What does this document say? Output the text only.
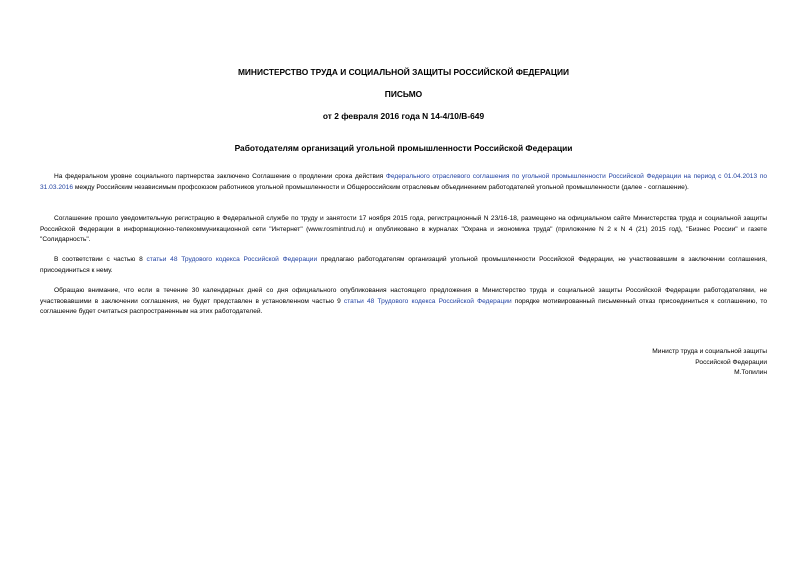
МИНИСТЕРСТВО ТРУДА И СОЦИАЛЬНОЙ ЗАЩИТЫ РОССИЙСКОЙ ФЕДЕРАЦИИ
ПИСЬМО
от 2 февраля 2016 года N 14-4/10/В-649
Работодателям организаций угольной промышленности Российской Федерации

На федеральном уровне социального партнерства заключено Соглашение о продлении срока действия Федерального отраслевого соглашения по угольной промышленности Российской Федерации на период с 01.04.2013 по 31.03.2016 между Российским независимым профсоюзом работников угольной промышленности и Общероссийским отраслевым объединением работодателей угольной промышленности (далее - соглашение).

Соглашение прошло уведомительную регистрацию в Федеральной службе по труду и занятости 17 ноября 2015 года, регистрационный N 23/16-18, размещено на официальном сайте Министерства труда и социальной защиты Российской Федерации в информационно-телекоммуникационной сети "Интернет" (www.rosmintrud.ru) и опубликовано в журналах "Охрана и экономика труда" (приложение N 2 к N 4 (21) 2015 год), "Бизнес России" и газете "Солидарность".

В соответствии с частью 8 статьи 48 Трудового кодекса Российской Федерации предлагаю работодателям организаций угольной промышленности Российской Федерации, не участвовавшим в заключении соглашения, присоединиться к нему.

Обращаю внимание, что если в течение 30 календарных дней со дня официального опубликования настоящего предложения в Министерство труда и социальной защиты Российской Федерации работодателями, не участвовавшими в заключении соглашения, не будет представлен в установленном частью 9 статьи 48 Трудового кодекса Российской Федерации порядке мотивированный письменный отказ присоединиться к соглашению, то соглашение будет считаться распространенным на этих работодателей.

Министр труда и социальной защиты
Российской Федерации
М.Топилин
